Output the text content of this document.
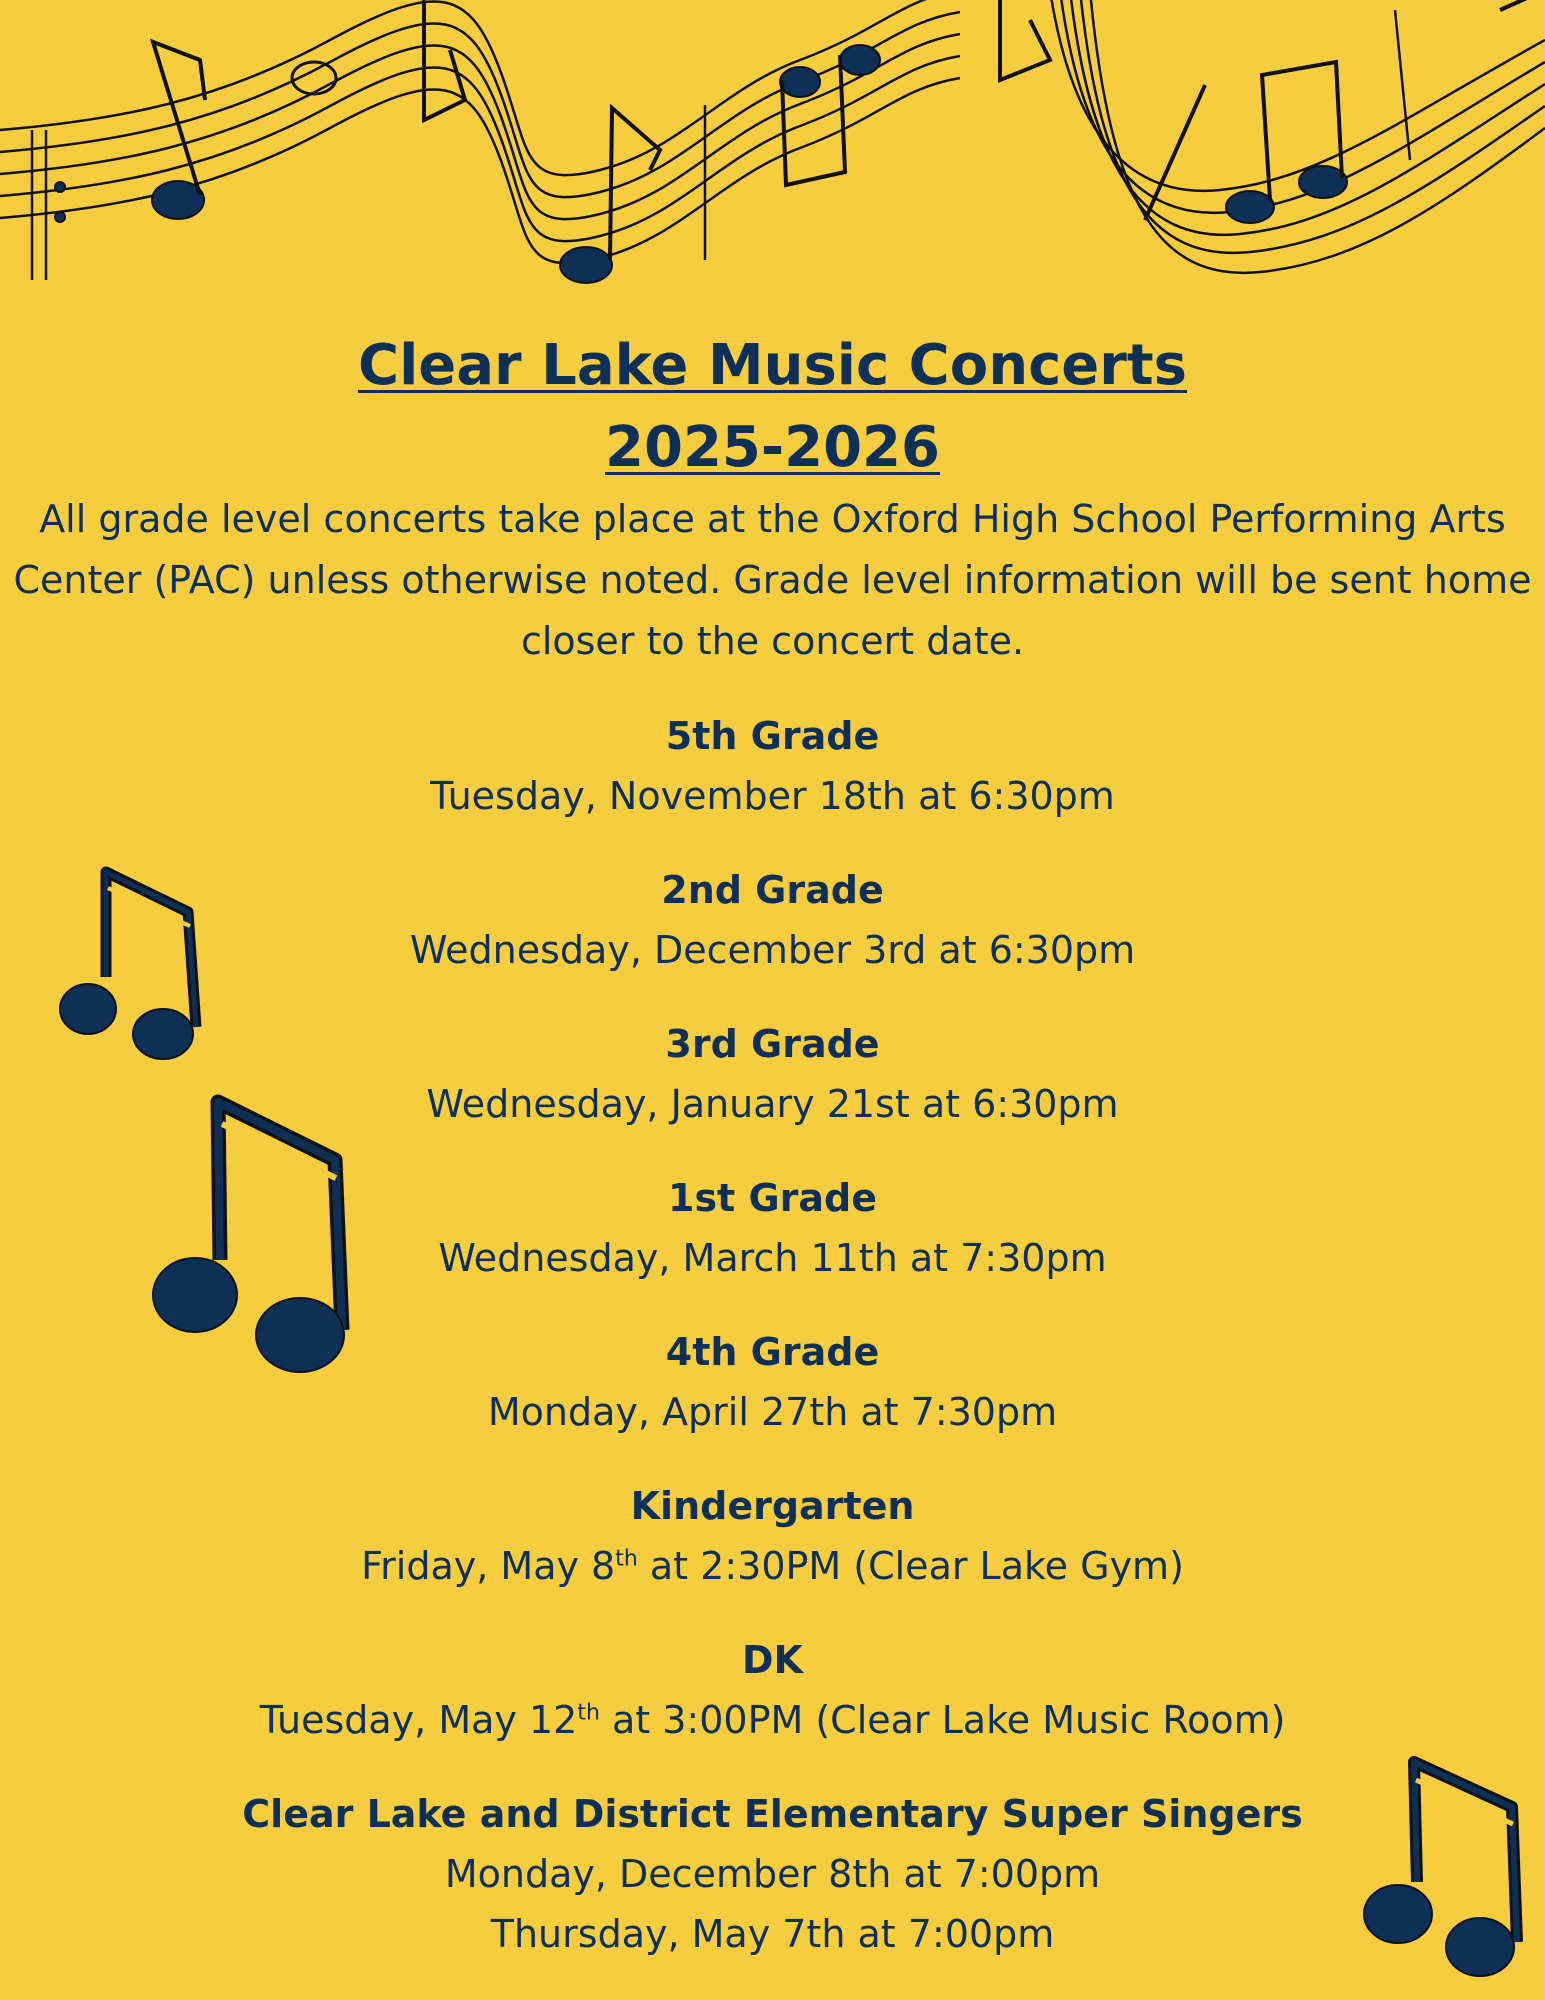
Clear Lake Music Concerts
2025-2026

All grade level concerts take place at the Oxford High School Performing Arts Center (PAC) unless otherwise noted. Grade level information will be sent home closer to the concert date.

5th Grade
Tuesday, November 18th at 6:30pm
2nd Grade
Wednesday, December 3rd at 6:30pm
3rd Grade
Wednesday, January 21st at 6:30pm
1st Grade
Wednesday, March 11th at 7:30pm
4th Grade
Monday, April 27th at 7:30pm
Kindergarten
Friday, May 8th at 2:30PM (Clear Lake Gym)
DK
Tuesday, May 12th at 3:00PM (Clear Lake Music Room)
Clear Lake and District Elementary Super Singers
Monday, December 8th at 7:00pm
Thursday, May 7th at 7:00pm
